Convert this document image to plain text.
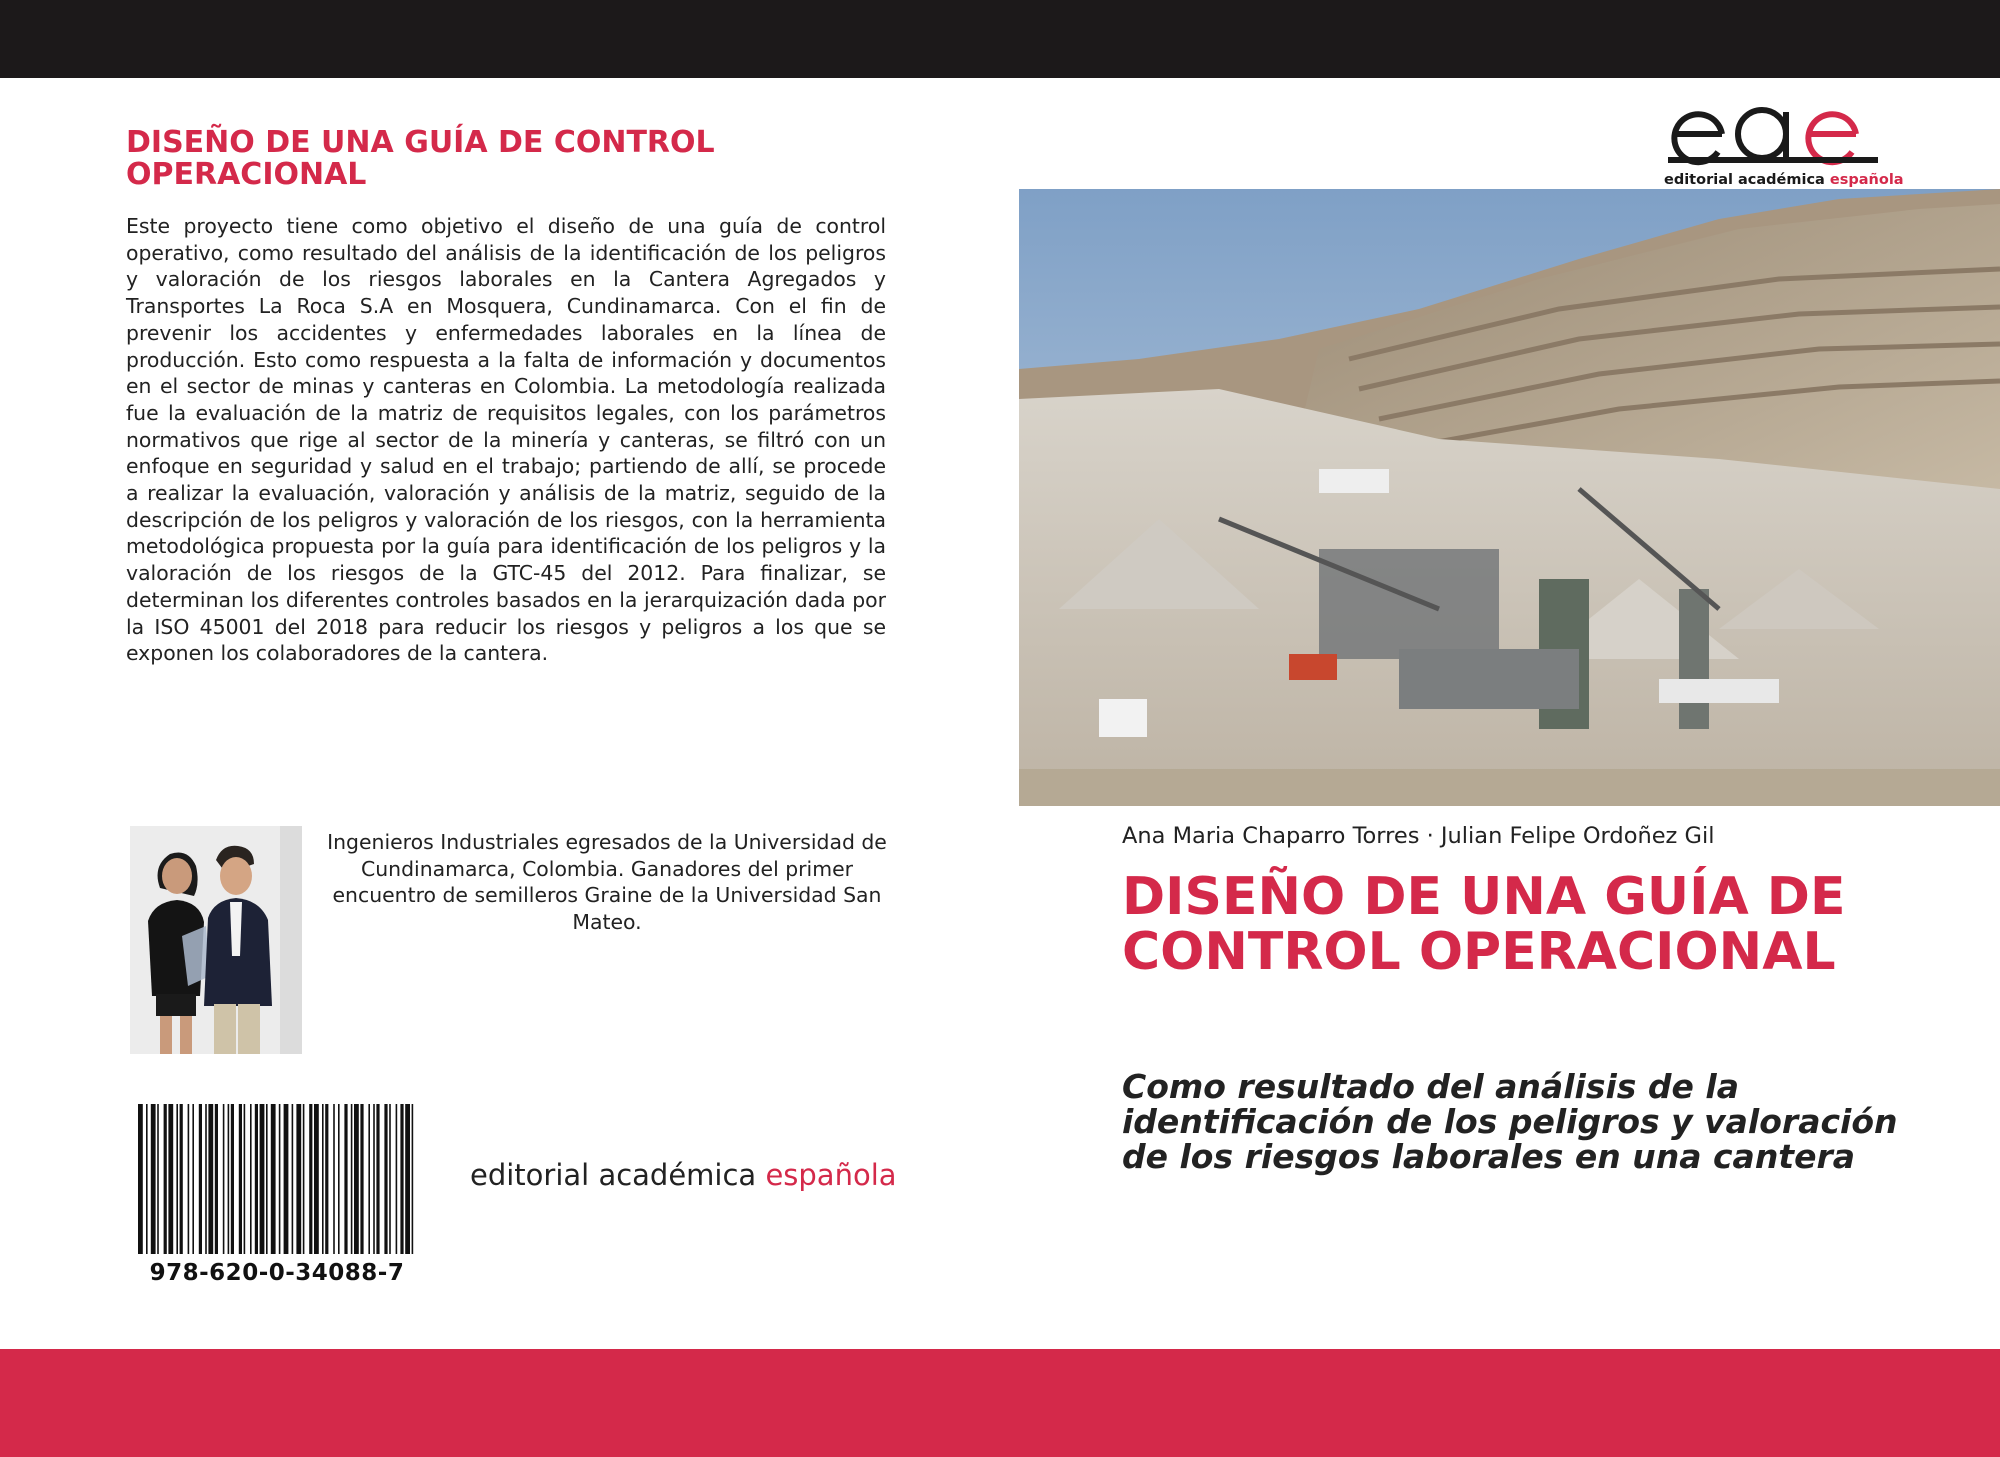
DISEÑO DE UNA GUÍA DE CONTROL OPERACIONAL

Este proyecto tiene como objetivo el diseño de una guía de control operativo, como resultado del análisis de la identificación de los peligros y valoración de los riesgos laborales en la Cantera Agregados y Transportes La Roca S.A en Mosquera, Cundinamarca. Con el fin de prevenir los accidentes y enfermedades laborales en la línea de producción. Esto como respuesta a la falta de información y documentos en el sector de minas y canteras en Colombia. La metodología realizada fue la evaluación de la matriz de requisitos legales, con los parámetros normativos que rige al sector de la minería y canteras, se filtró con un enfoque en seguridad y salud en el trabajo; partiendo de allí, se procede a realizar la evaluación, valoración y análisis de la matriz, seguido de la descripción de los peligros y valoración de los riesgos, con la herramienta metodológica propuesta por la guía para identificación de los peligros y la valoración de los riesgos de la GTC-45 del 2012. Para finalizar, se determinan los diferentes controles basados en la jerarquización dada por la ISO 45001 del 2018 para reducir los riesgos y peligros a los que se exponen los colaboradores de la cantera.

Ingenieros Industriales egresados de la Universidad de Cundinamarca, Colombia. Ganadores del primer encuentro de semilleros Graine de la Universidad San Mateo.

978-620-0-34088-7
editorial académica española
editorial académica española
Ana Maria Chaparro Torres · Julian Felipe Ordoñez Gil
DISEÑO DE UNA GUÍA DE CONTROL OPERACIONAL
Como resultado del análisis de la identificación de los peligros y valoración de los riesgos laborales en una cantera
